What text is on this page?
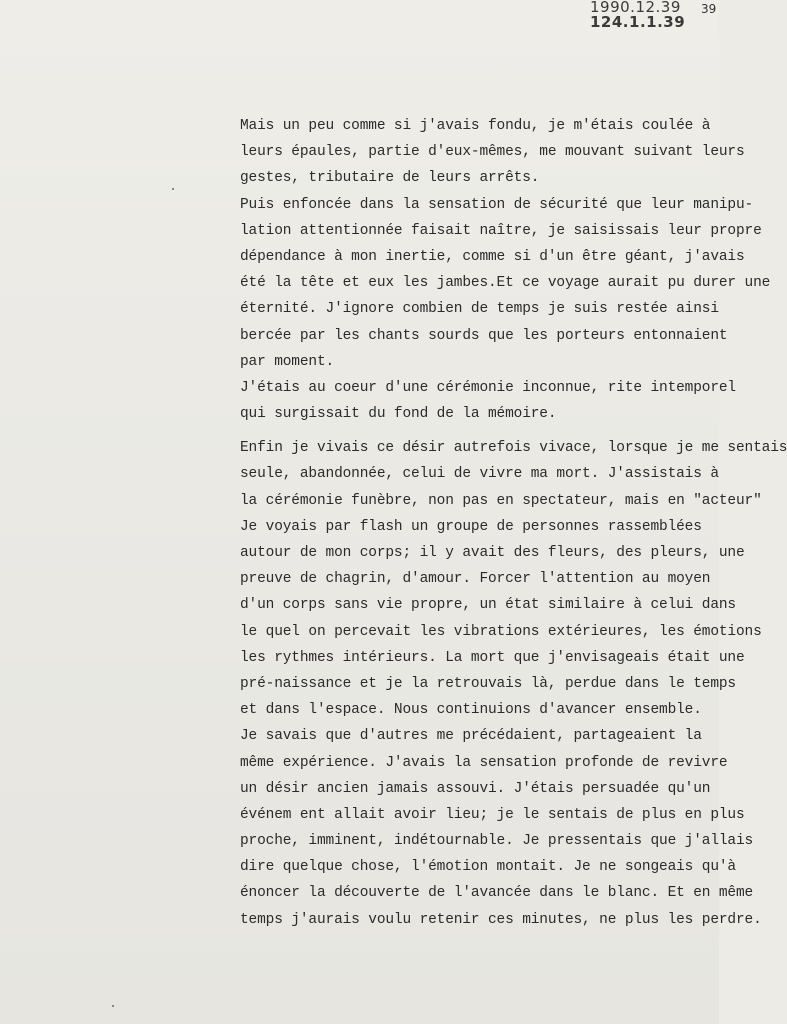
1990.12.39
124.1.1.39
39
Mais un peu comme si j'avais fondu, je m'étais coulée à
leurs épaules, partie d'eux-mêmes, me mouvant suivant leurs
gestes, tributaire de leurs arrêts.
Puis enfoncée dans la sensation de sécurité que leur manipu-
lation attentionnée faisait naître, je saisissais leur propre
dépendance à mon inertie, comme si d'un être géant, j'avais
été la tête et eux les jambes.Et ce voyage aurait pu durer une
éternité. J'ignore combien de temps je suis restée ainsi
bercée par les chants sourds que les porteurs entonnaient
par moment.
J'étais au coeur d'une cérémonie inconnue, rite intemporel
qui surgissait du fond de la mémoire.
Enfin je vivais ce désir autrefois vivace, lorsque je me sentais
seule, abandonnée, celui de vivre ma mort. J'assistais à
la cérémonie funèbre, non pas en spectateur, mais en "acteur"
Je voyais par flash un groupe de personnes rassemblées
autour de mon corps; il y avait des fleurs, des pleurs, une
preuve de chagrin, d'amour. Forcer l'attention au moyen
d'un corps sans vie propre, un état similaire à celui dans
le quel on percevait les vibrations extérieures, les émotions
les rythmes intérieurs. La mort que j'envisageais était une
pré-naissance et je la retrouvais là, perdue dans le temps
et dans l'espace. Nous continuions d'avancer ensemble.
Je savais que d'autres me précédaient, partageaient la
même expérience. J'avais la sensation profonde de revivre
un désir ancien jamais assouvi. J'étais persuadée qu'un
événem ent allait avoir lieu; je le sentais de plus en plus
proche, imminent, indétournable. Je pressentais que j'allais
dire quelque chose, l'émotion montait. Je ne songeais qu'à
énoncer la découverte de l'avancée dans le blanc. Et en même
temps j'aurais voulu retenir ces minutes, ne plus les perdre.
